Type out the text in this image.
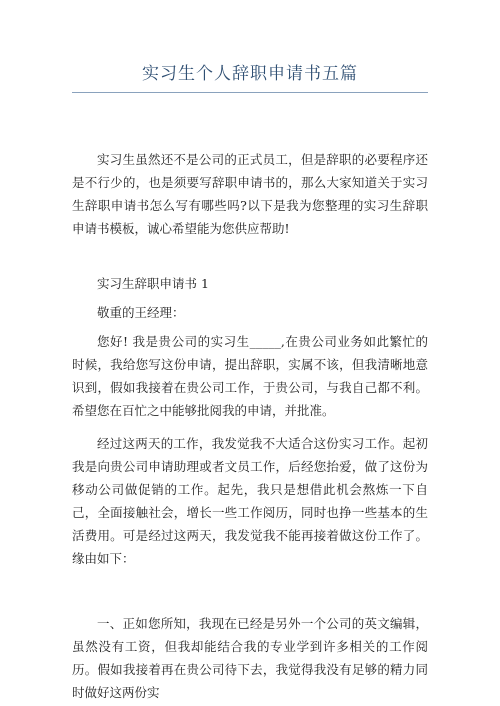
实习生个人辞职申请书五篇

实习生虽然还不是公司的正式员工，但是辞职的必要程序还是不行少的，也是须要写辞职申请书的，那么大家知道关于实习生辞职申请书怎么写有哪些吗?以下是我为您整理的实习生辞职申请书模板，诚心希望能为您供应帮助!

实习生辞职申请书 1

敬重的王经理：

您好! 我是贵公司的实习生_____,在贵公司业务如此繁忙的时候，我给您写这份申请，提出辞职，实属不该，但我清晰地意识到，假如我接着在贵公司工作，于贵公司，与我自己都不利。希望您在百忙之中能够批阅我的申请，并批准。

经过这两天的工作，我发觉我不大适合这份实习工作。起初我是向贵公司申请助理或者文员工作，后经您抬爱，做了这份为移动公司做促销的工作。起先，我只是想借此机会熬炼一下自己，全面接触社会，增长一些工作阅历，同时也挣一些基本的生活费用。可是经过这两天，我发觉我不能再接着做这份工作了。缘由如下：

一、正如您所知，我现在已经是另外一个公司的英文编辑，虽然没有工资，但我却能结合我的专业学到许多相关的工作阅历。假如我接着再在贵公司待下去，我觉得我没有足够的精力同时做好这两份实
